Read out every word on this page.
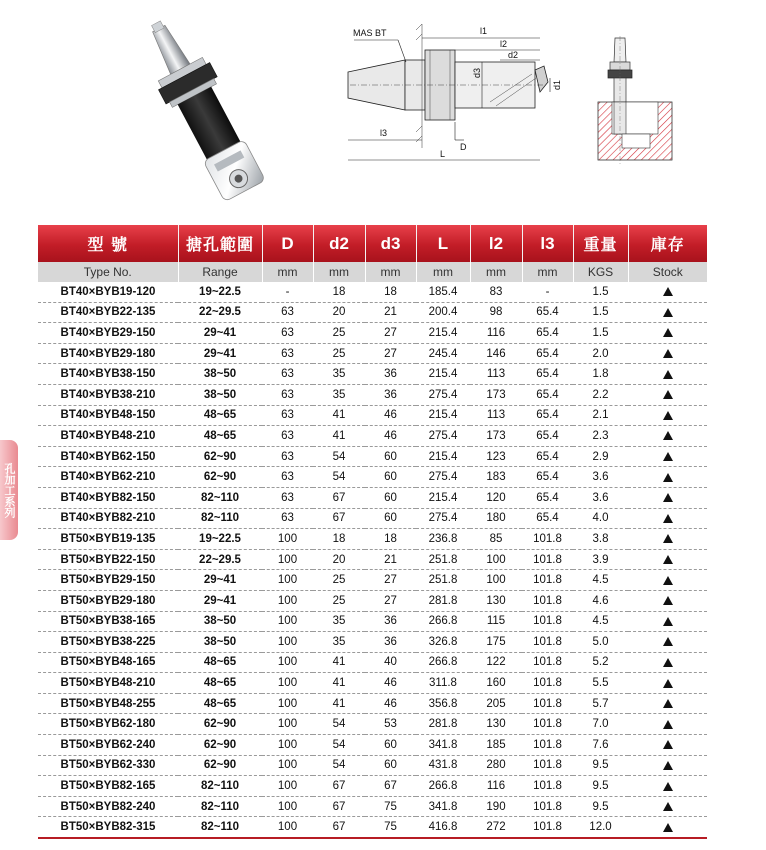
MAS BT	l1
l2
d2
d3
d1
l3
D
L
孔加工系列
型 號	搪孔範圍	D	d2	d3	L	l2	l3	重量	庫存
Type No.	Range	mm	mm	mm	mm	mm	mm	KGS	Stock
BT40×BYB19-120	19~22.5	-	18	18	185.4	83	-	1.5	
BT40×BYB22-135	22~29.5	63	20	21	200.4	98	65.4	1.5	
BT40×BYB29-150	29~41	63	25	27	215.4	116	65.4	1.5	
BT40×BYB29-180	29~41	63	25	27	245.4	146	65.4	2.0	
BT40×BYB38-150	38~50	63	35	36	215.4	113	65.4	1.8	
BT40×BYB38-210	38~50	63	35	36	275.4	173	65.4	2.2	
BT40×BYB48-150	48~65	63	41	46	215.4	113	65.4	2.1	
BT40×BYB48-210	48~65	63	41	46	275.4	173	65.4	2.3	
BT40×BYB62-150	62~90	63	54	60	215.4	123	65.4	2.9	
BT40×BYB62-210	62~90	63	54	60	275.4	183	65.4	3.6	
BT40×BYB82-150	82~110	63	67	60	215.4	120	65.4	3.6	
BT40×BYB82-210	82~110	63	67	60	275.4	180	65.4	4.0	
BT50×BYB19-135	19~22.5	100	18	18	236.8	85	101.8	3.8	
BT50×BYB22-150	22~29.5	100	20	21	251.8	100	101.8	3.9	
BT50×BYB29-150	29~41	100	25	27	251.8	100	101.8	4.5	
BT50×BYB29-180	29~41	100	25	27	281.8	130	101.8	4.6	
BT50×BYB38-165	38~50	100	35	36	266.8	115	101.8	4.5	
BT50×BYB38-225	38~50	100	35	36	326.8	175	101.8	5.0	
BT50×BYB48-165	48~65	100	41	40	266.8	122	101.8	5.2	
BT50×BYB48-210	48~65	100	41	46	311.8	160	101.8	5.5	
BT50×BYB48-255	48~65	100	41	46	356.8	205	101.8	5.7	
BT50×BYB62-180	62~90	100	54	53	281.8	130	101.8	7.0	
BT50×BYB62-240	62~90	100	54	60	341.8	185	101.8	7.6	
BT50×BYB62-330	62~90	100	54	60	431.8	280	101.8	9.5	
BT50×BYB82-165	82~110	100	67	67	266.8	116	101.8	9.5	
BT50×BYB82-240	82~110	100	67	75	341.8	190	101.8	9.5	
BT50×BYB82-315	82~110	100	67	75	416.8	272	101.8	12.0	
